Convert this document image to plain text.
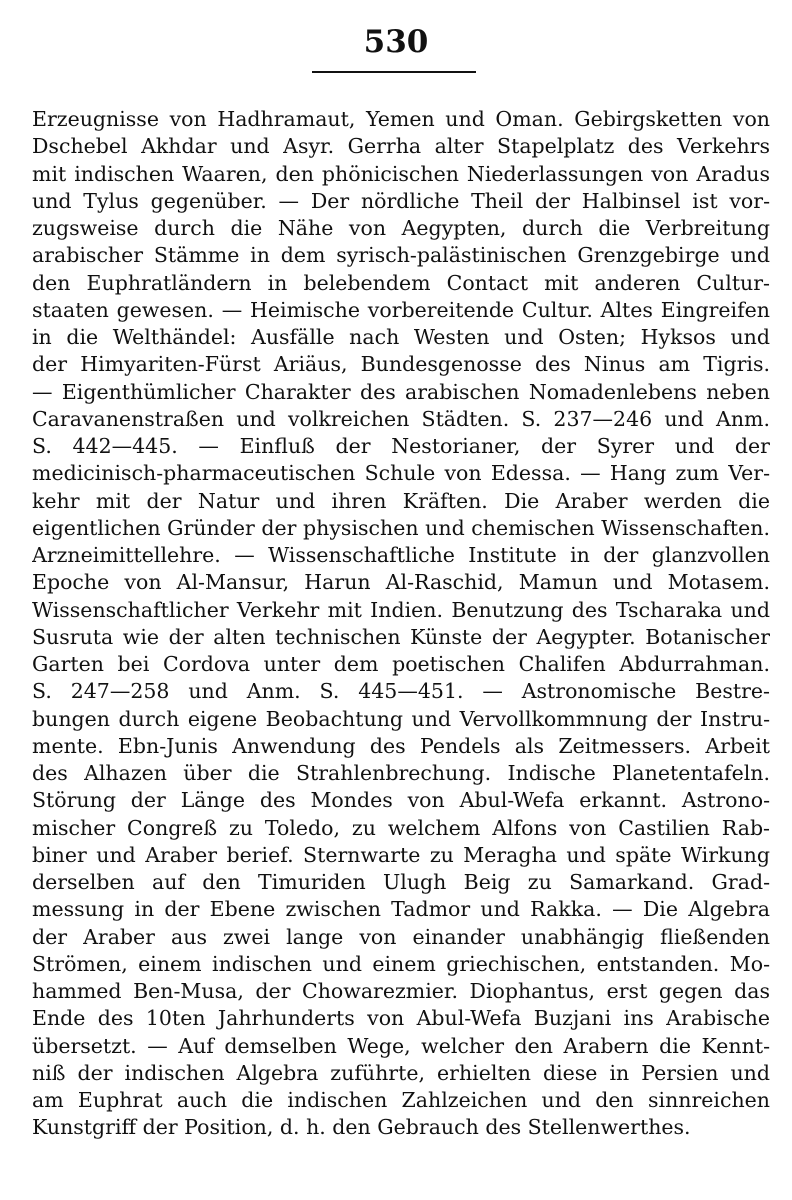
530
Erzeugnisse von Hadhramaut, Yemen und Oman. Gebirgsketten von
Dschebel Akhdar und Asyr. Gerrha alter Stapelplatz des Verkehrs
mit indischen Waaren, den phönicischen Niederlassungen von Aradus
und Tylus gegenüber. — Der nördliche Theil der Halbinsel ist vor-
zugsweise durch die Nähe von Aegypten, durch die Verbreitung
arabischer Stämme in dem syrisch-palästinischen Grenzgebirge und
den Euphratländern in belebendem Contact mit anderen Cultur-
staaten gewesen. — Heimische vorbereitende Cultur. Altes Eingreifen
in die Welthändel: Ausfälle nach Westen und Osten; Hyksos und
der Himyariten-Fürst Ariäus, Bundesgenosse des Ninus am Tigris.
— Eigenthümlicher Charakter des arabischen Nomadenlebens neben
Caravanenstraßen und volkreichen Städten. S. 237—246 und Anm.
S. 442—445. — Einfluß der Nestorianer, der Syrer und der
medicinisch-pharmaceutischen Schule von Edessa. — Hang zum Ver-
kehr mit der Natur und ihren Kräften. Die Araber werden die
eigentlichen Gründer der physischen und chemischen Wissenschaften.
Arzneimittellehre. — Wissenschaftliche Institute in der glanzvollen
Epoche von Al-Mansur, Harun Al-Raschid, Mamun und Motasem.
Wissenschaftlicher Verkehr mit Indien. Benutzung des Tscharaka und
Susruta wie der alten technischen Künste der Aegypter. Botanischer
Garten bei Cordova unter dem poetischen Chalifen Abdurrahman.
S. 247—258 und Anm. S. 445—451. — Astronomische Bestre-
bungen durch eigene Beobachtung und Vervollkommnung der Instru-
mente. Ebn-Junis Anwendung des Pendels als Zeitmessers. Arbeit
des Alhazen über die Strahlenbrechung. Indische Planetentafeln.
Störung der Länge des Mondes von Abul-Wefa erkannt. Astrono-
mischer Congreß zu Toledo, zu welchem Alfons von Castilien Rab-
biner und Araber berief. Sternwarte zu Meragha und späte Wirkung
derselben auf den Timuriden Ulugh Beig zu Samarkand. Grad-
messung in der Ebene zwischen Tadmor und Rakka. — Die Algebra
der Araber aus zwei lange von einander unabhängig fließenden
Strömen, einem indischen und einem griechischen, entstanden. Mo-
hammed Ben-Musa, der Chowarezmier. Diophantus, erst gegen das
Ende des 10ten Jahrhunderts von Abul-Wefa Buzjani ins Arabische
übersetzt. — Auf demselben Wege, welcher den Arabern die Kennt-
niß der indischen Algebra zuführte, erhielten diese in Persien und
am Euphrat auch die indischen Zahlzeichen und den sinnreichen
Kunstgriff der Position, d. h. den Gebrauch des Stellenwerthes.
